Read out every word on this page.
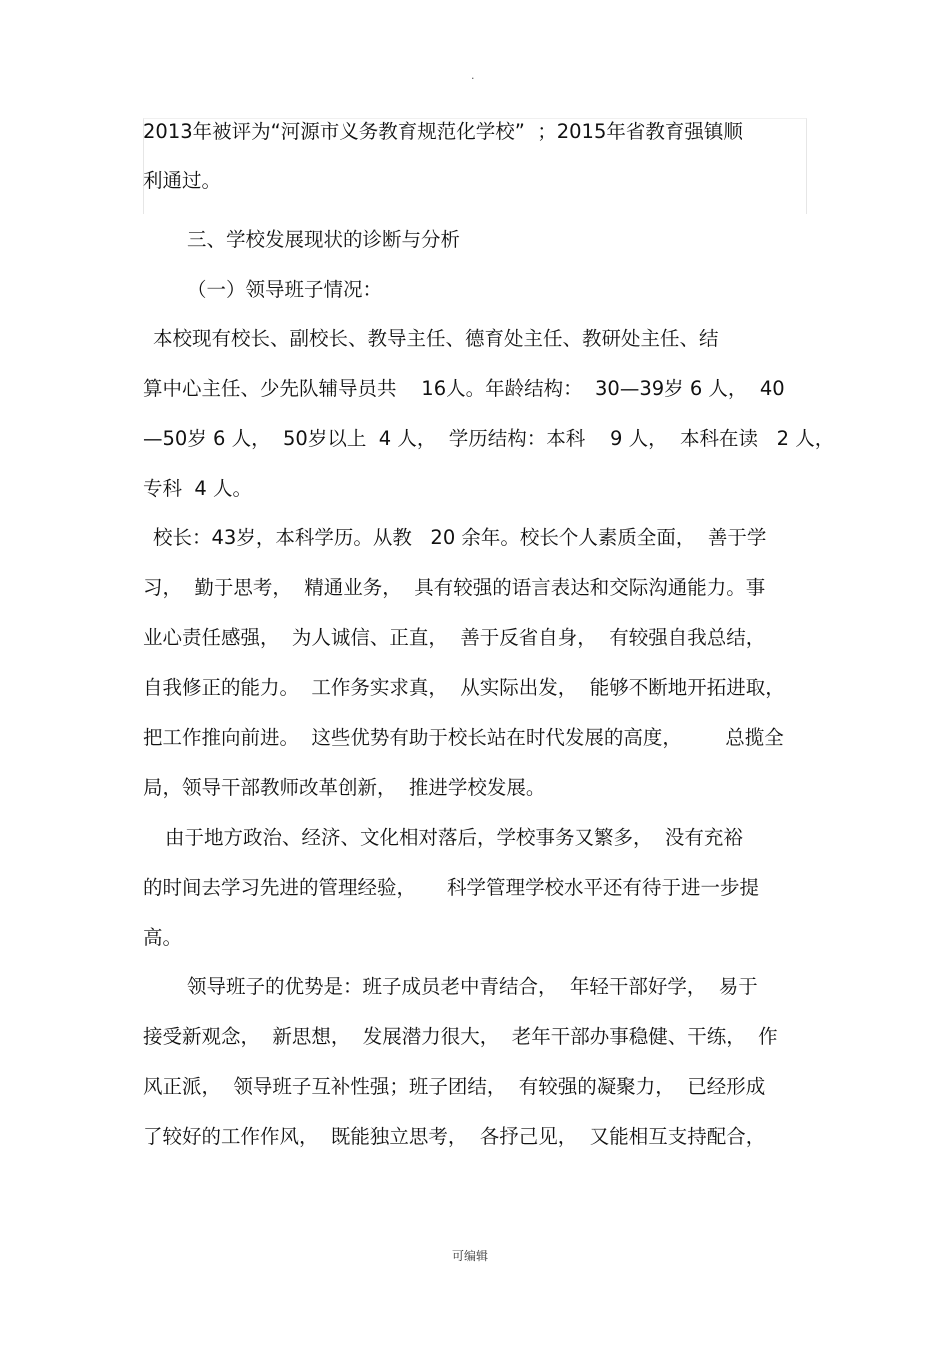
.
2013年被评为“河源市义务教育规范化学校”  ；2015年省教育强镇顺
利通过。
三、学校发展现状的诊断与分析
（一）领导班子情况：
本校现有校长、副校长、教导主任、德育处主任、教研处主任、结
算中心主任、少先队辅导员共    16人。年龄结构：  30—39岁 6 人，  40
—50岁 6 人，  50岁以上  4 人，  学历结构：本科    9 人，  本科在读   2 人，
专科  4 人。
校长：43岁，本科学历。从教   20 余年。校长个人素质全面，  善于学
习，  勤于思考，  精通业务，  具有较强的语言表达和交际沟通能力。事
业心责任感强，  为人诚信、正直，  善于反省自身，  有较强自我总结，
自我修正的能力。  工作务实求真，  从实际出发，  能够不断地开拓进取，
把工作推向前进。  这些优势有助于校长站在时代发展的高度，       总揽全
局，领导干部教师改革创新，  推进学校发展。
由于地方政治、经济、文化相对落后，学校事务又繁多，  没有充裕
的时间去学习先进的管理经验，     科学管理学校水平还有待于进一步提
高。
领导班子的优势是：班子成员老中青结合，  年轻干部好学，  易于
接受新观念，  新思想，  发展潜力很大，  老年干部办事稳健、干练，  作
风正派，  领导班子互补性强；班子团结，  有较强的凝聚力，  已经形成
了较好的工作作风，  既能独立思考，  各抒己见，  又能相互支持配合，
可编辑
